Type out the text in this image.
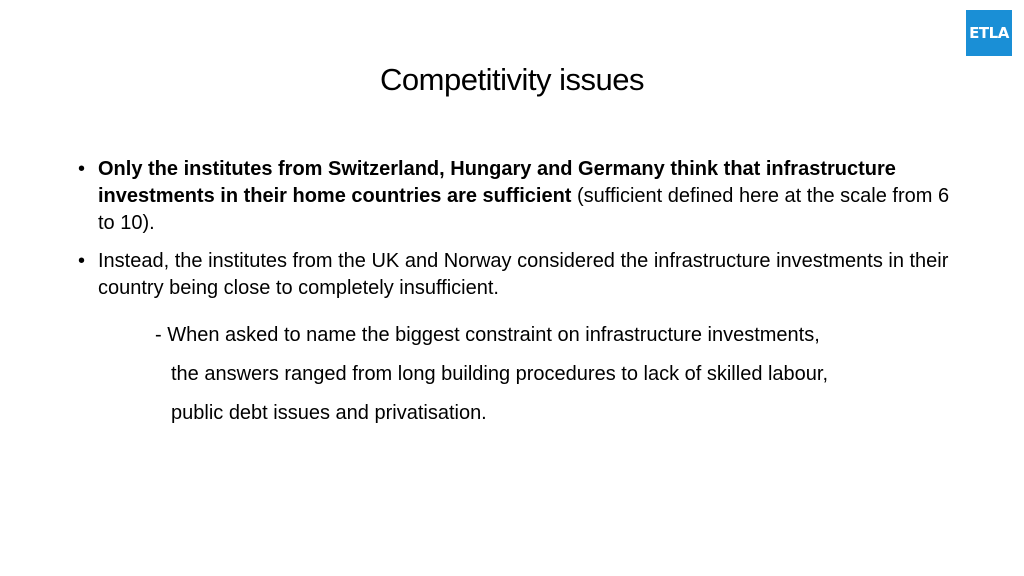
ETLA
Competitivity issues
• Only the institutes from Switzerland, Hungary and Germany think that infrastructure investments in their home countries are sufficient (sufficient defined here at the scale from 6 to 10).
• Instead, the institutes from the UK and Norway considered the infrastructure investments in their country being close to completely insufficient.
- When asked to name the biggest constraint on infrastructure investments,
the answers ranged from long building procedures to lack of skilled labour,
public debt issues and privatisation.
